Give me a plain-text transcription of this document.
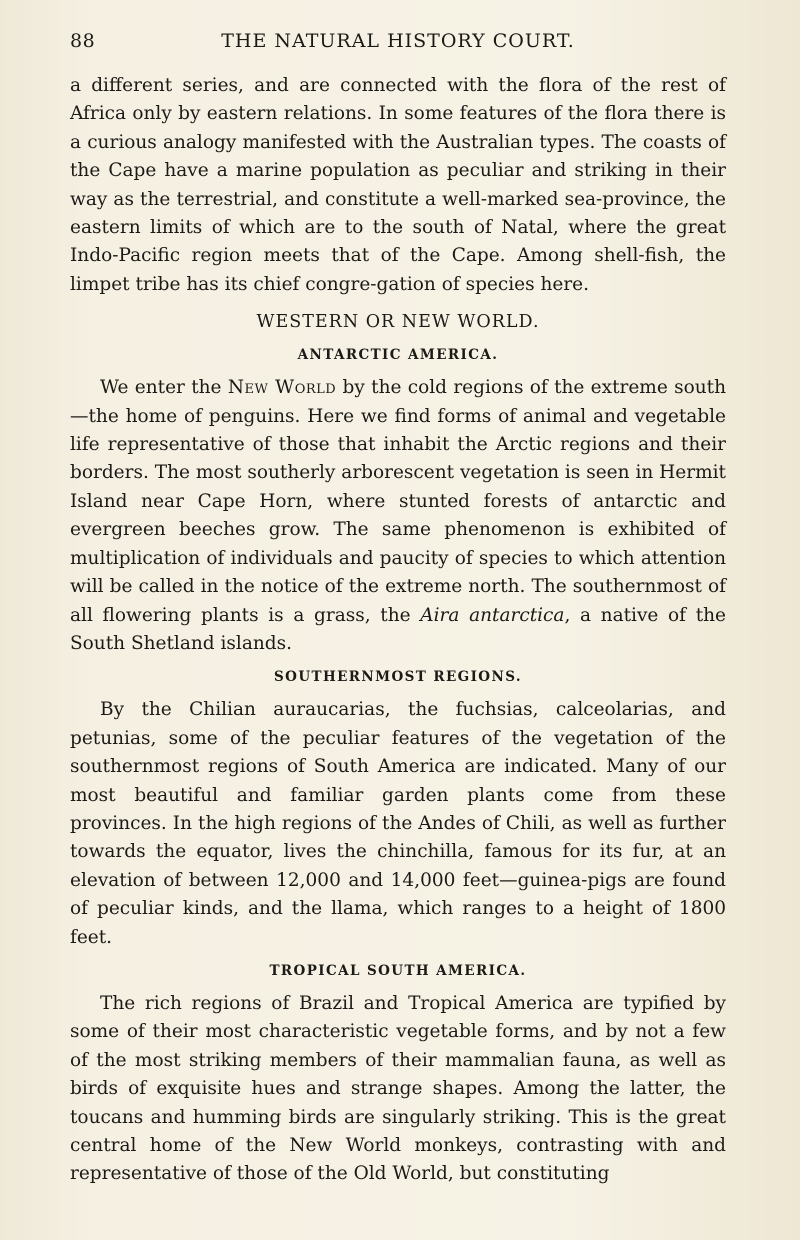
88	THE NATURAL HISTORY COURT.

a different series, and are connected with the flora of the rest of Africa only by eastern relations. In some features of the flora there is a curious analogy manifested with the Australian types. The coasts of the Cape have a marine population as peculiar and striking in their way as the terrestrial, and constitute a well-marked sea-province, the eastern limits of which are to the south of Natal, where the great Indo-Pacific region meets that of the Cape. Among shell-fish, the limpet tribe has its chief congre-gation of species here.

WESTERN OR NEW WORLD.
ANTARCTIC AMERICA.

We enter the New World by the cold regions of the extreme south—the home of penguins. Here we find forms of animal and vegetable life representative of those that inhabit the Arctic regions and their borders. The most southerly arborescent vegetation is seen in Hermit Island near Cape Horn, where stunted forests of antarctic and evergreen beeches grow. The same phenomenon is exhibited of multiplication of individuals and paucity of species to which attention will be called in the notice of the extreme north. The southernmost of all flowering plants is a grass, the Aira antarctica, a native of the South Shetland islands.

SOUTHERNMOST REGIONS.

By the Chilian auraucarias, the fuchsias, calceolarias, and petunias, some of the peculiar features of the vegetation of the southernmost regions of South America are indicated. Many of our most beautiful and familiar garden plants come from these provinces. In the high regions of the Andes of Chili, as well as further towards the equator, lives the chinchilla, famous for its fur, at an elevation of between 12,000 and 14,000 feet—guinea-pigs are found of peculiar kinds, and the llama, which ranges to a height of 1800 feet.

TROPICAL SOUTH AMERICA.

The rich regions of Brazil and Tropical America are typified by some of their most characteristic vegetable forms, and by not a few of the most striking members of their mammalian fauna, as well as birds of exquisite hues and strange shapes. Among the latter, the toucans and humming birds are singularly striking. This is the great central home of the New World monkeys, contrasting with and representative of those of the Old World, but constituting
